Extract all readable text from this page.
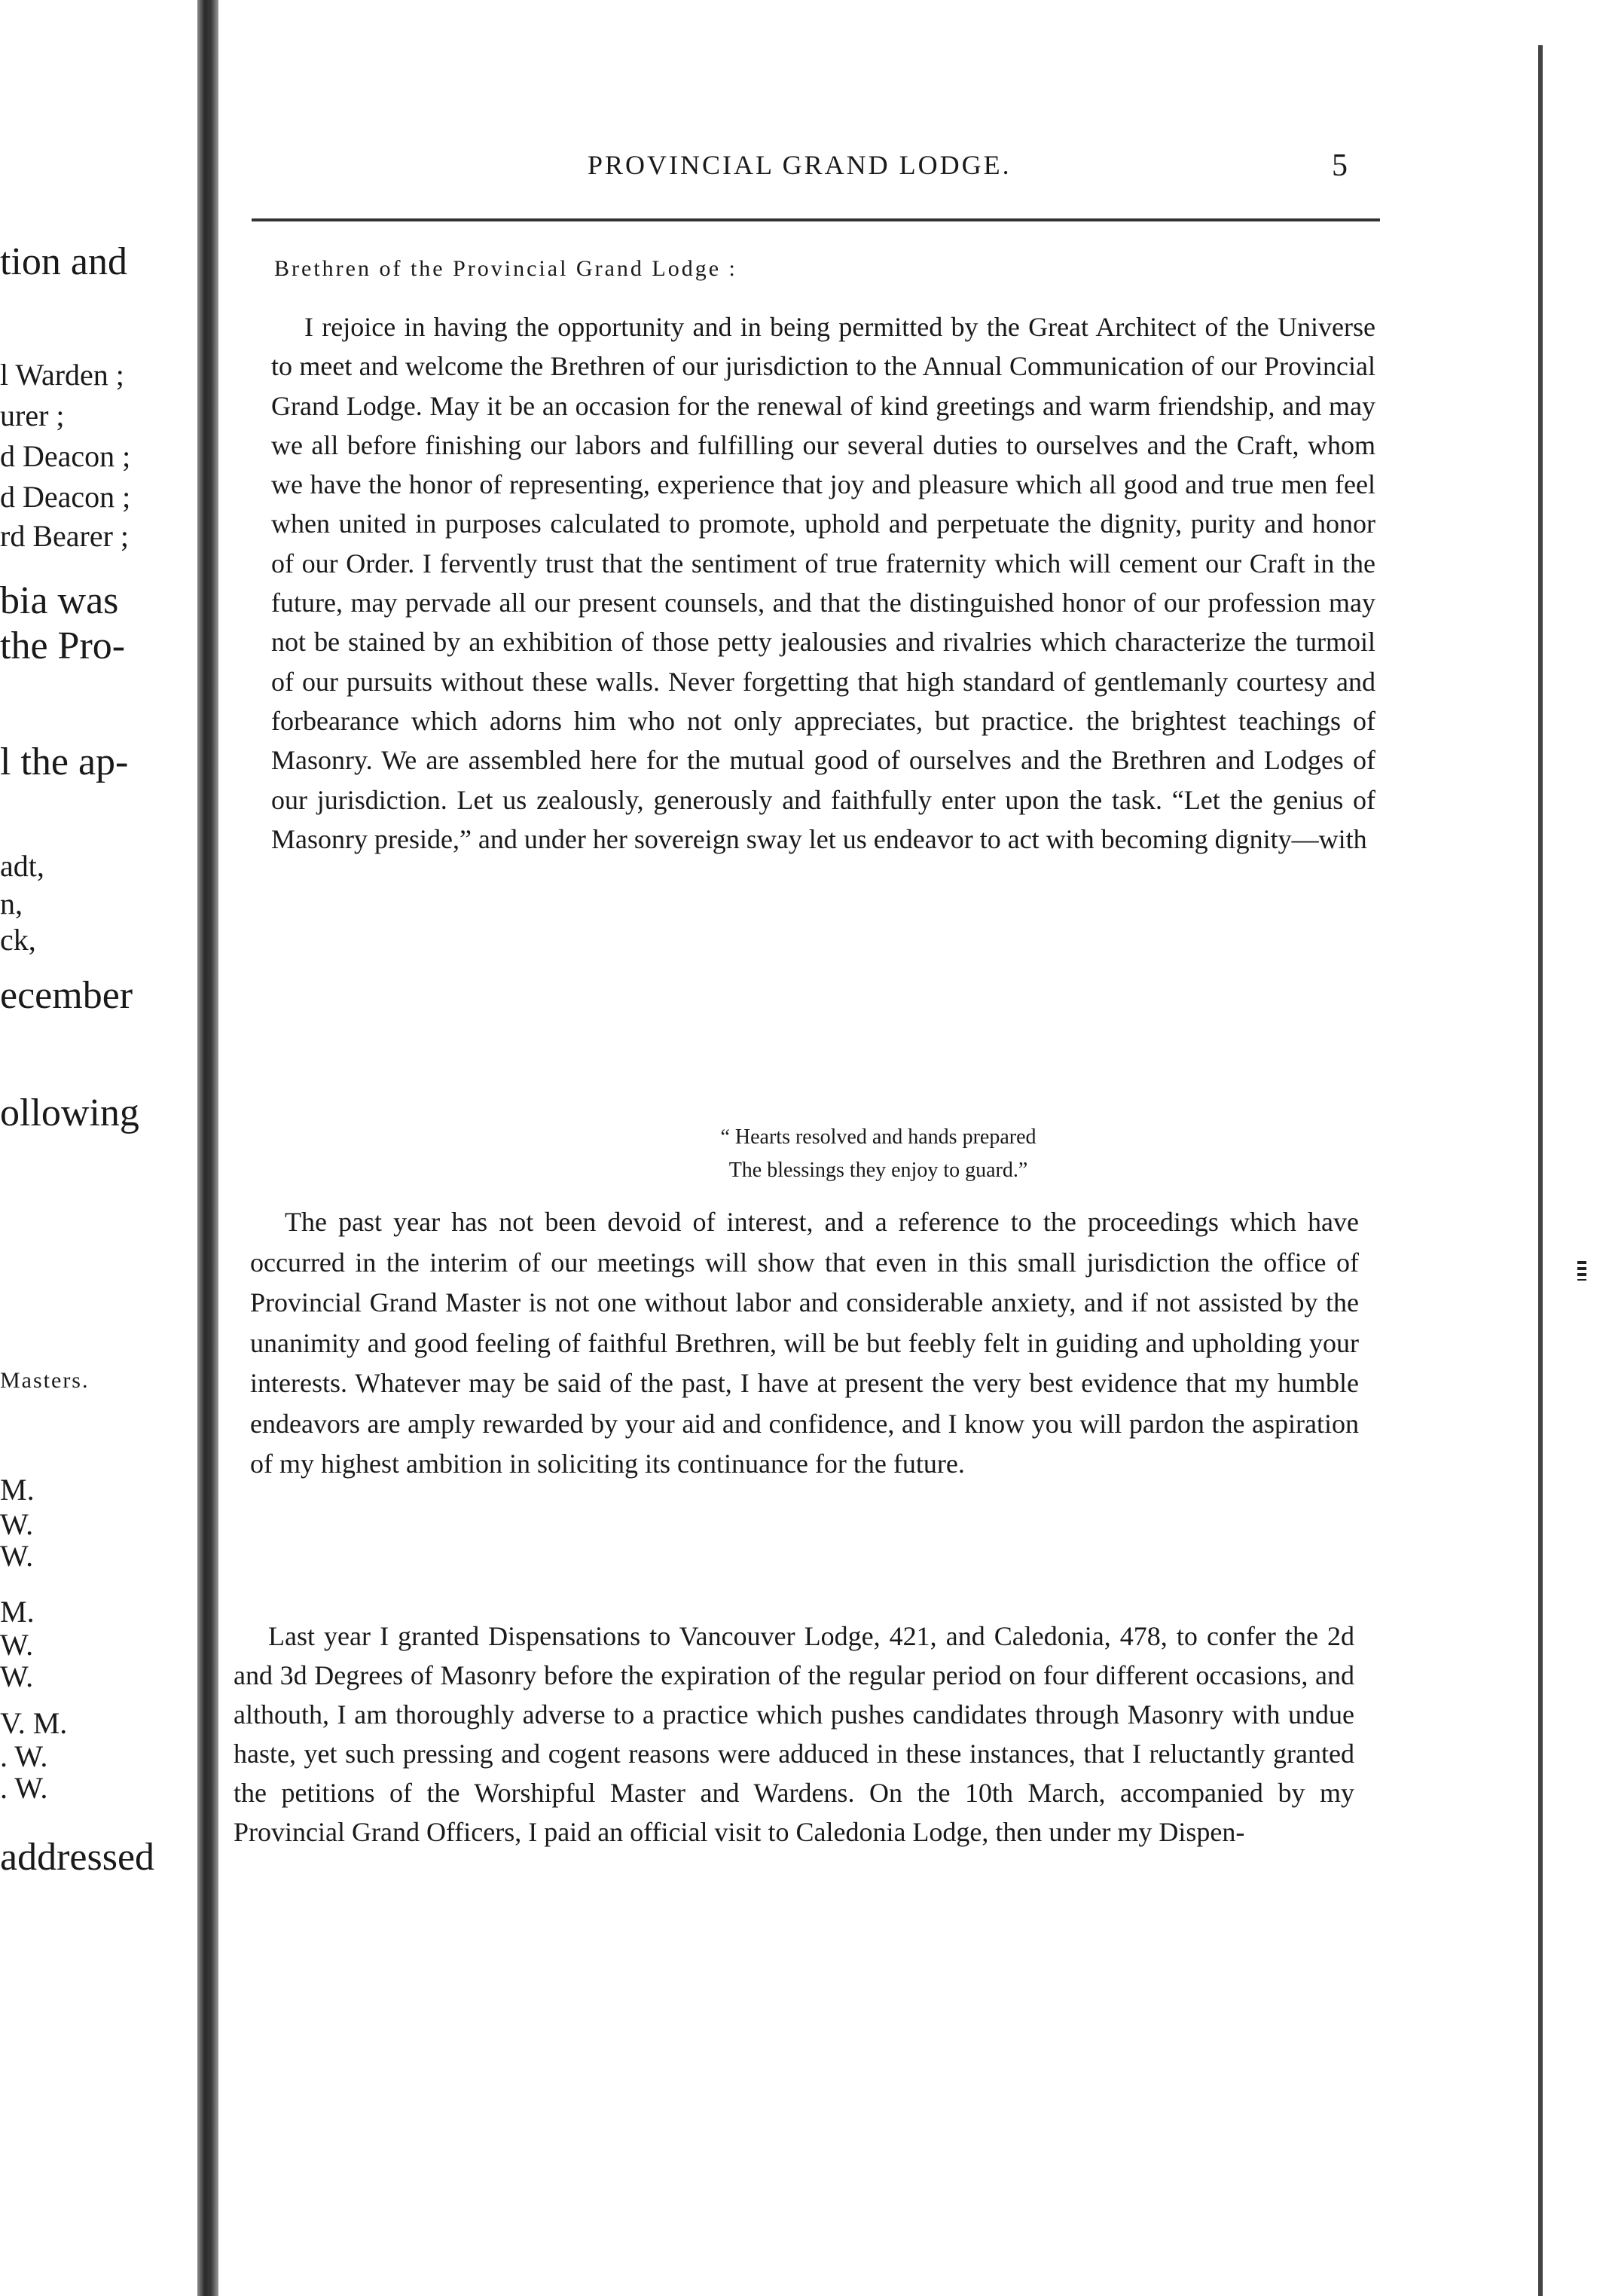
tion and
l Warden ;
urer ;
d Deacon ;
d Deacon ;
rd Bearer ;
bia was
the Pro-
l the ap-
adt,
n,
ck,
ecember
ollowing
Masters.
M.
W.
W.
M.
W.
W.
V. M.
. W.
. W.
addressed
PROVINCIAL GRAND LODGE.	5
Brethren of the Provincial Grand Lodge :

I rejoice in having the opportunity and in being permitted by the Great Architect of the Universe to meet and welcome the Brethren of our jurisdiction to the Annual Communication of our Provincial Grand Lodge. May it be an occasion for the renewal of kind greetings and warm friendship, and may we all before finishing our labors and fulfilling our several duties to ourselves and the Craft, whom we have the honor of representing, experience that joy and pleasure which all good and true men feel when united in purposes calculated to promote, uphold and perpetuate the dignity, purity and honor of our Order. I fervently trust that the sentiment of true fraternity which will cement our Craft in the future, may pervade all our present counsels, and that the distinguished honor of our profession may not be stained by an exhibition of those petty jealousies and rivalries which characterize the turmoil of our pursuits without these walls. Never forgetting that high standard of gentlemanly courtesy and forbearance which adorns him who not only appreciates, but practice. the brightest teachings of Masonry. We are assembled here for the mutual good of ourselves and the Brethren and Lodges of our jurisdiction. Let us zealously, generously and faithfully enter upon the task. “Let the genius of Masonry preside,” and under her sovereign sway let us endeavor to act with becoming dignity—with

“ Hearts resolved and hands prepared
The blessings they enjoy to guard.”

The past year has not been devoid of interest, and a reference to the proceedings which have occurred in the interim of our meetings will show that even in this small jurisdiction the office of Provincial Grand Master is not one without labor and considerable anxiety, and if not assisted by the unanimity and good feeling of faithful Brethren, will be but feebly felt in guiding and upholding your interests. Whatever may be said of the past, I have at present the very best evidence that my humble endeavors are amply rewarded by your aid and confidence, and I know you will pardon the aspiration of my highest ambition in soliciting its continuance for the future.

Last year I granted Dispensations to Vancouver Lodge, 421, and Caledonia, 478, to confer the 2d and 3d Degrees of Masonry before the expiration of the regular period on four different occasions, and althouth, I am thoroughly adverse to a practice which pushes candidates through Masonry with undue haste, yet such pressing and cogent reasons were adduced in these instances, that I reluctantly granted the petitions of the Worshipful Master and Wardens. On the 10th March, accompanied by my Provincial Grand Officers, I paid an official visit to Caledonia Lodge, then under my Dispen-
